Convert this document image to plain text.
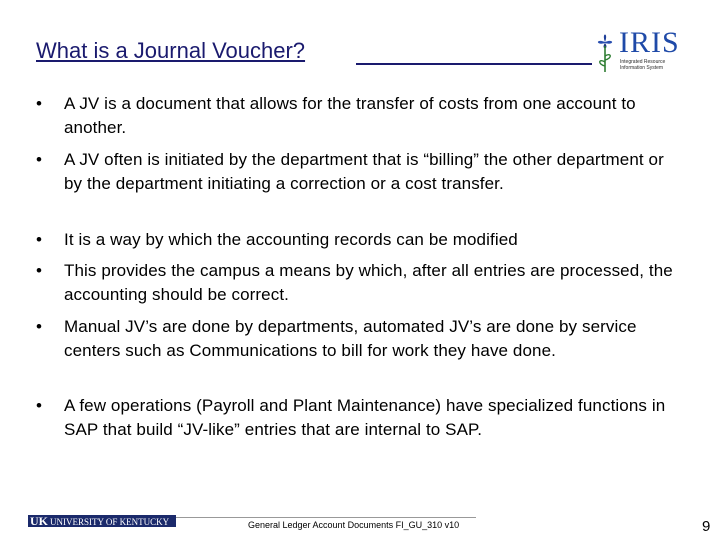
What is a Journal Voucher?	IRIS
Integrated Resource Information System
• A JV is a document that allows for the transfer of costs from one account to another.
• A JV often is initiated by the department that is “billing” the other department or by the department initiating a correction or a cost transfer.
• It is a way by which the accounting records can be modified
• This provides the campus a means by which, after all entries are processed, the accounting should be correct.
• Manual JV’s are done by departments, automated JV’s are done by service centers such as Communications to bill for work they have done.
• A few operations (Payroll and Plant Maintenance) have specialized functions in SAP that build “JV-like” entries that are internal to SAP.
UK UNIVERSITY OF KENTUCKY	General Ledger Account Documents FI_GU_310 v10	9
